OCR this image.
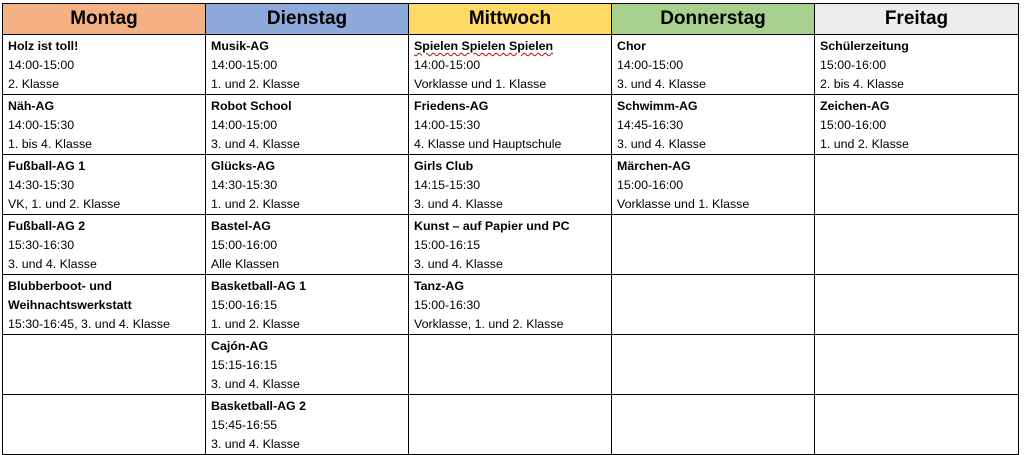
Montag	Dienstag	Mittwoch	Donnerstag	Freitag

Holz ist toll!
14:00-15:00
2. Klasse	Musik-AG
14:00-15:00
1. und 2. Klasse	Spielen Spielen Spielen
14:00-15:00
Vorklasse und 1. Klasse	Chor
14:00-15:00
3. und 4. Klasse	Schülerzeitung
15:00-16:00
2. bis 4. Klasse

Näh-AG
14:00-15:30
1. bis 4. Klasse	Robot School
14:00-15:00
3. und 4. Klasse	Friedens-AG
14:00-15:30
4. Klasse und Hauptschule	Schwimm-AG
14:45-16:30
3. und 4. Klasse	Zeichen-AG
15:00-16:00
1. und 2. Klasse

Fußball-AG 1
14:30-15:30
VK, 1. und 2. Klasse	Glücks-AG
14:30-15:30
1. und 2. Klasse	Girls Club
14:15-15:30
3. und 4. Klasse	Märchen-AG
15:00-16:00
Vorklasse und 1. Klasse	

Fußball-AG 2
15:30-16:30
3. und 4. Klasse	Bastel-AG
15:00-16:00
Alle Klassen	Kunst – auf Papier und PC
15:00-16:15
3. und 4. Klasse		

Blubberboot- und
Weihnachtswerkstatt
15:30-16:45, 3. und 4. Klasse	Basketball-AG 1
15:00-16:15
1. und 2. Klasse	Tanz-AG
15:00-16:30
Vorklasse, 1. und 2. Klasse		

	Cajón-AG
15:15-16:15
3. und 4. Klasse			

	Basketball-AG 2
15:45-16:55
3. und 4. Klasse			
